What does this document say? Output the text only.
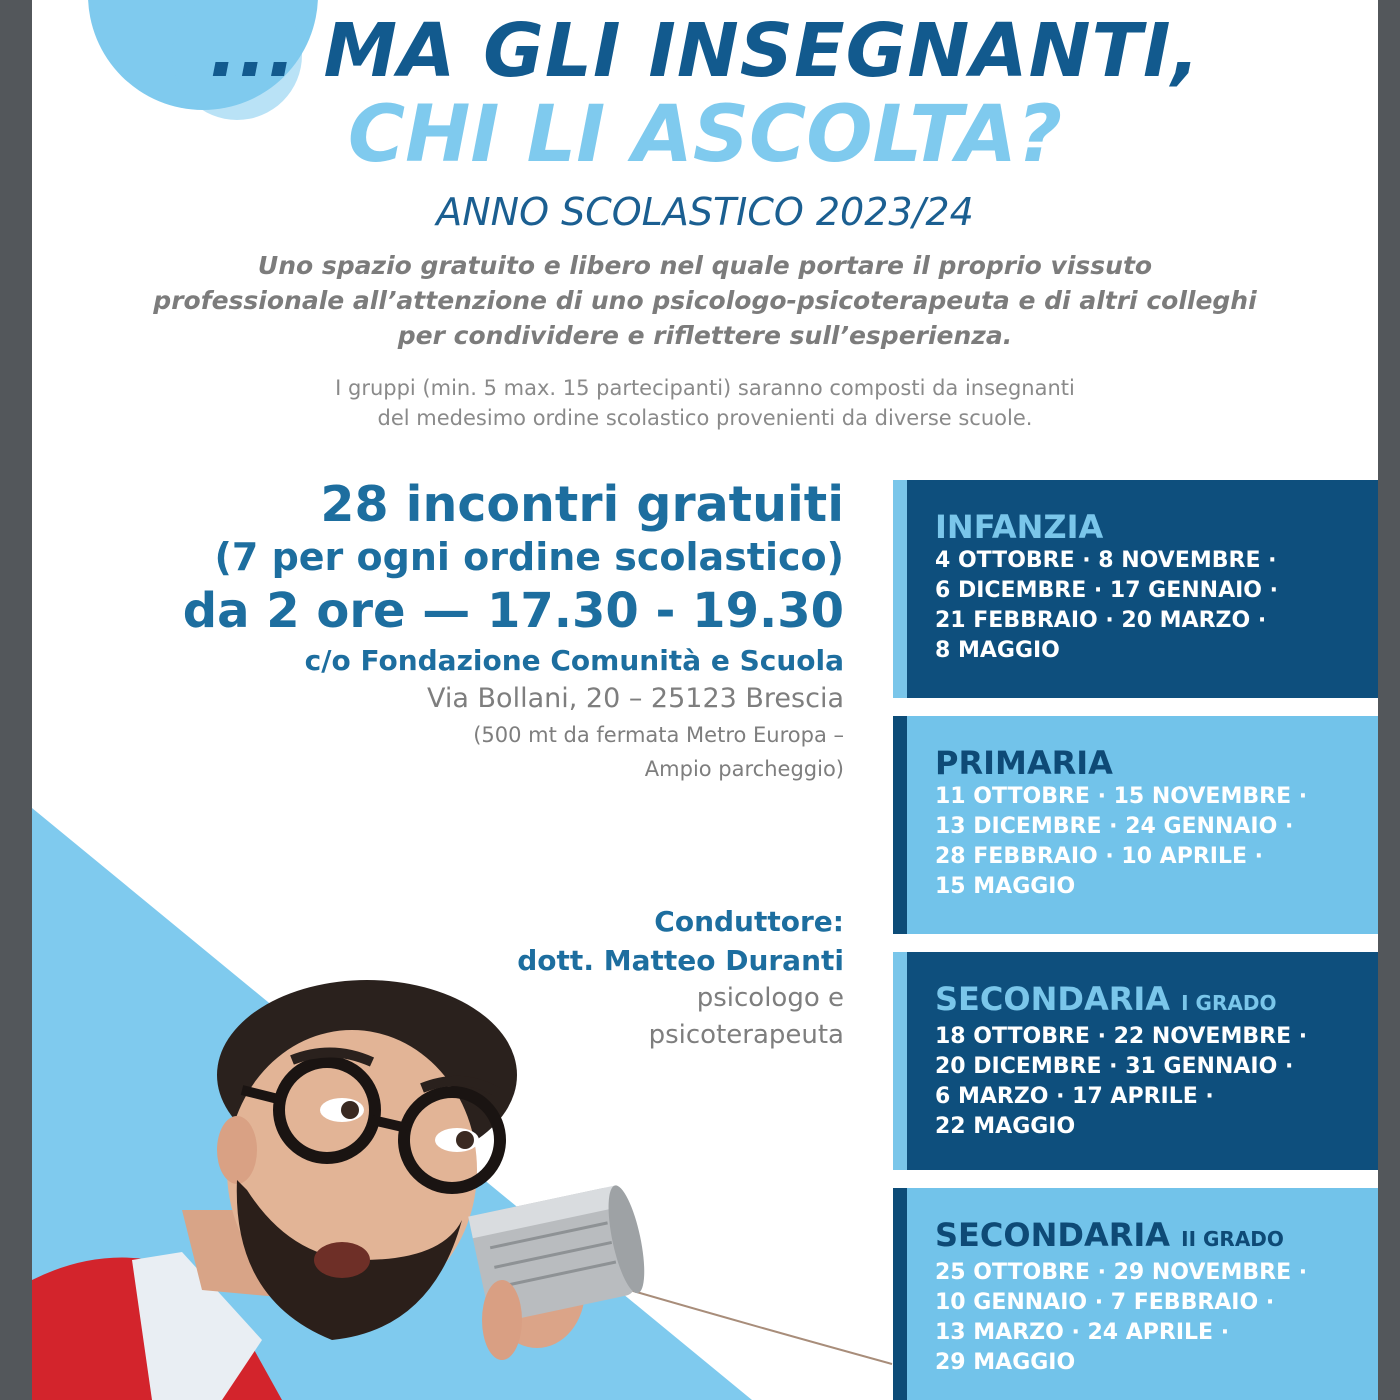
... MA GLI INSEGNANTI,
CHI LI ASCOLTA?
ANNO SCOLASTICO 2023/24
Uno spazio gratuito e libero nel quale portare il proprio vissuto
professionale all’attenzione di uno psicologo-psicoterapeuta e di altri colleghi
per condividere e riflettere sull’esperienza.
I gruppi (min. 5 max. 15 partecipanti) saranno composti da insegnanti
del medesimo ordine scolastico provenienti da diverse scuole.
28 incontri gratuiti
(7 per ogni ordine scolastico)
da 2 ore — 17.30 - 19.30
c/o Fondazione Comunità e Scuola
Via Bollani, 20 – 25123 Brescia
(500 mt da fermata Metro Europa –
Ampio parcheggio)
Conduttore:
dott. Matteo Duranti
psicologo e
psicoterapeuta
INFANZIA
4 OTTOBRE · 8 NOVEMBRE ·
6 DICEMBRE · 17 GENNAIO ·
21 FEBBRAIO · 20 MARZO ·
8 MAGGIO
PRIMARIA
11 OTTOBRE · 15 NOVEMBRE ·
13 DICEMBRE · 24 GENNAIO ·
28 FEBBRAIO · 10 APRILE ·
15 MAGGIO
SECONDARIA I GRADO
18 OTTOBRE · 22 NOVEMBRE ·
20 DICEMBRE · 31 GENNAIO ·
6 MARZO · 17 APRILE ·
22 MAGGIO
SECONDARIA II GRADO
25 OTTOBRE · 29 NOVEMBRE ·
10 GENNAIO · 7 FEBBRAIO ·
13 MARZO · 24 APRILE ·
29 MAGGIO
